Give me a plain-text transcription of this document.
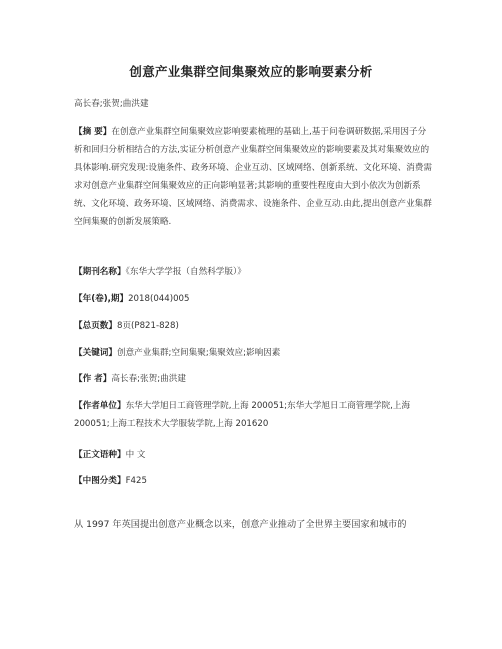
创意产业集群空间集聚效应的影响要素分析
高长春;张贺;曲洪建
【摘 要】在创意产业集群空间集聚效应影响要素梳理的基础上,基于问卷调研数据,采用因子分析和回归分析相结合的方法,实证分析创意产业集群空间集聚效应的影响要素及其对集聚效应的具体影响.研究发现:设施条件、政务环境、企业互动、区域网络、创新系统、文化环境、消费需求对创意产业集群空间集聚效应的正向影响显著;其影响的重要性程度由大到小依次为创新系统、文化环境、政务环境、区域网络、消费需求、设施条件、企业互动.由此,提出创意产业集群空间集聚的创新发展策略.
【期刊名称】《东华大学学报（自然科学版）》
【年(卷),期】2018(044)005
【总页数】8页(P821-828)
【关键词】创意产业集群;空间集聚;集聚效应;影响因素
【作 者】高长春;张贺;曲洪建
【作者单位】东华大学旭日工商管理学院,上海 200051;东华大学旭日工商管理学院,上海 200051;上海工程技术大学服装学院,上海 201620
【正文语种】中 文
【中图分类】F425
从 1997 年英国提出创意产业概念以来，创意产业推动了全世界主要国家和城市的
